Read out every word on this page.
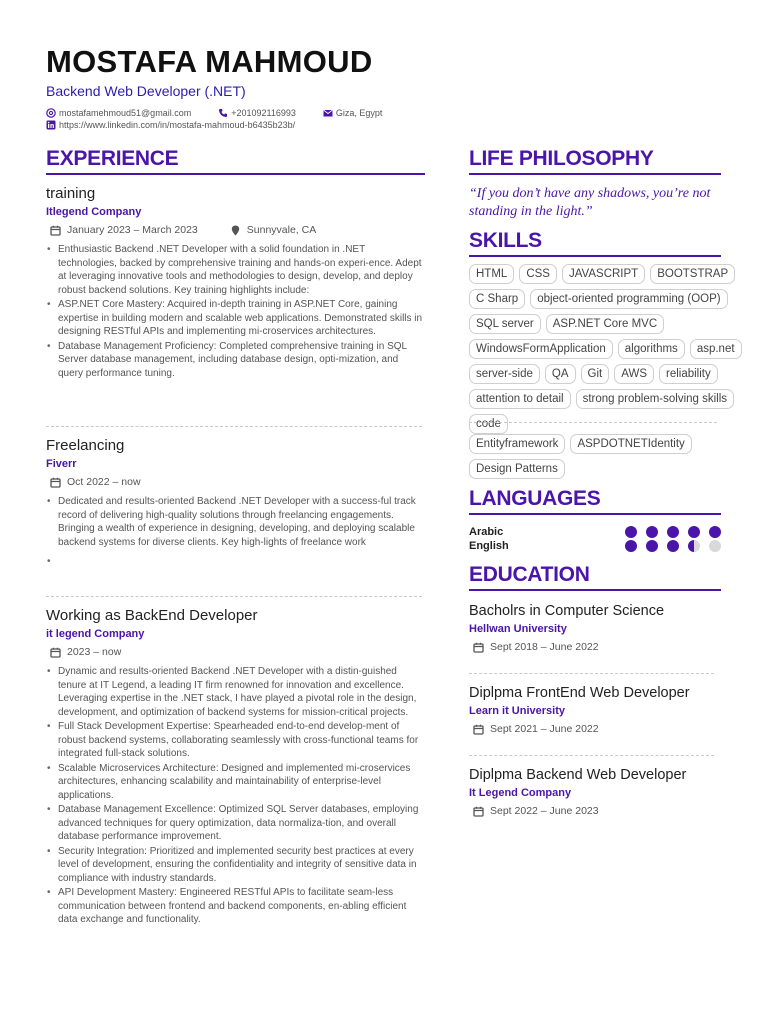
MOSTAFA MAHMOUD
Backend Web Developer (.NET)
mostafamehmoud51@gmail.com	+201092116993	Giza, Egypt
https://www.linkedin.com/in/mostafa-mahmoud-b6435b23b/
EXPERIENCE
training
Itlegend Company
January 2023 – March 2023	Sunnyvale, CA
• Enthusiastic Backend .NET Developer with a solid foundation in .NET technologies, backed by comprehensive training and hands-on experi-ence. Adept at leveraging innovative tools and methodologies to design, develop, and deploy robust backend solutions. Key training highlights include:
• ASP.NET Core Mastery: Acquired in-depth training in ASP.NET Core, gaining expertise in building modern and scalable web applications. Demonstrated skills in designing RESTful APIs and implementing mi-croservices architectures.
• Database Management Proficiency: Completed comprehensive training in SQL Server database management, including database design, opti-mization, and query performance tuning.
Freelancing
Fiverr
Oct 2022 – now
• Dedicated and results-oriented Backend .NET Developer with a success-ful track record of delivering high-quality solutions through freelancing engagements. Bringing a wealth of experience in designing, developing, and deploying scalable backend systems for diverse clients. Key high-lights of freelance work
Working as BackEnd Developer
it legend Company
2023 – now
• Dynamic and results-oriented Backend .NET Developer with a distin-guished tenure at IT Legend, a leading IT firm renowned for innovation and excellence. Leveraging expertise in the .NET stack, I have played a pivotal role in the design, development, and optimization of backend systems for mission-critical projects.
• Full Stack Development Expertise: Spearheaded end-to-end develop-ment of robust backend systems, collaborating seamlessly with cross-functional teams for integrated full-stack solutions.
• Scalable Microservices Architecture: Designed and implemented mi-croservices architectures, enhancing scalability and maintainability of enterprise-level applications.
• Database Management Excellence: Optimized SQL Server databases, employing advanced techniques for query optimization, data normaliza-tion, and overall database performance improvement.
• Security Integration: Prioritized and implemented security best practices at every level of development, ensuring the confidentiality and integrity of sensitive data in compliance with industry standards.
• API Development Mastery: Engineered RESTful APIs to facilitate seam-less communication between frontend and backend components, en-abling efficient data exchange and functionality.
LIFE PHILOSOPHY
“If you don’t have any shadows, you’re not standing in the light.”
SKILLS
HTML	CSS	JAVASCRIPT	BOOTSTRAP
C Sharp	object-oriented programming (OOP)
SQL server	ASP.NET Core MVC
WindowsFormApplication	algorithms	asp.net
server-side	QA	Git	AWS	reliability
attention to detail	strong problem-solving skills
code
Entityframework	ASPDOTNETIdentity
Design Patterns
LANGUAGES
Arabic
English
EDUCATION
Bacholrs in Computer Science
Hellwan University
Sept 2018 – June 2022
Diplpma FrontEnd Web Developer
Learn it University
Sept 2021 – June 2022
Diplpma Backend Web Developer
It Legend Company
Sept 2022 – June 2023
